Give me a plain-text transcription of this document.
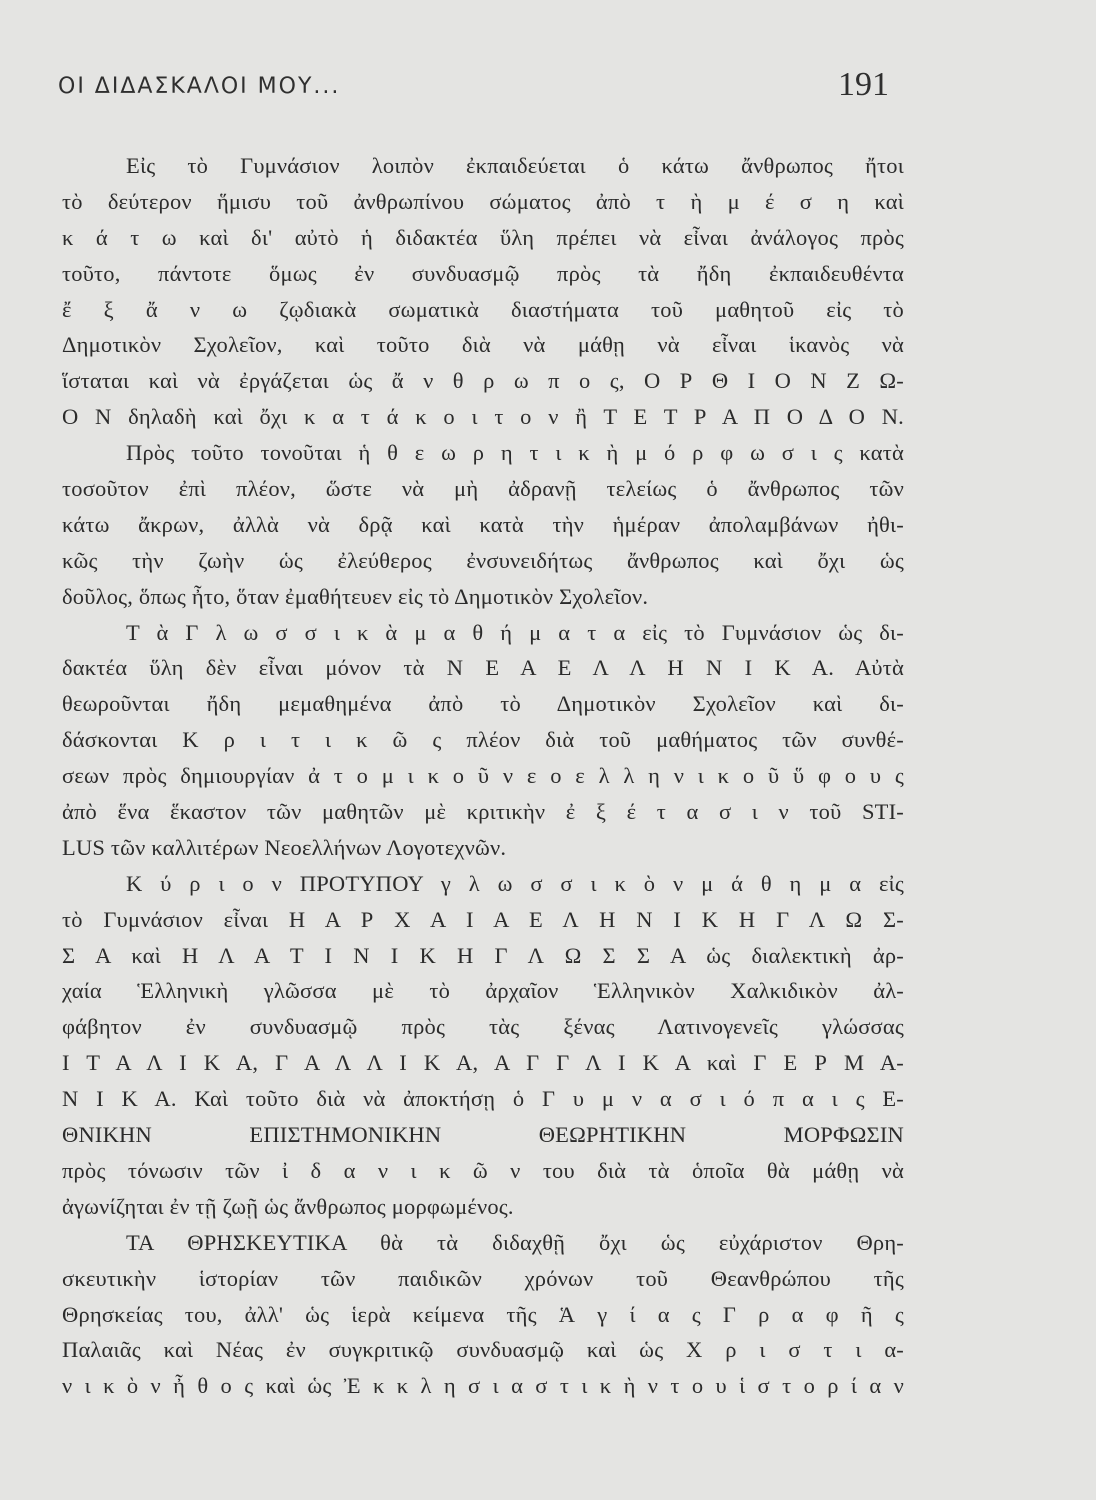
ΟΙ ΔΙΔΑΣΚΑΛΟΙ ΜΟΥ...	191
Εἰς τὸ Γυμνάσιον λοιπὸν ἐκπαιδεύεται ὁ κάτω ἄνθρωπος ἤτοι
τὸ δεύτερον ἥμισυ τοῦ ἀνθρωπίνου σώματος ἀπὸ τ ὴ μ έ σ η καὶ
κ ά τ ω καὶ δι' αὐτὸ ἡ διδακτέα ὕλη πρέπει νὰ εἶναι ἀνάλογος πρὸς
τοῦτο, πάντοτε ὅμως ἐν συνδυασμῷ πρὸς τὰ ἤδη ἐκπαιδευθέντα
ἔ ξ ἄ ν ω ζῳδιακὰ σωματικὰ διαστήματα τοῦ μαθητοῦ εἰς τὸ
Δημοτικὸν Σχολεῖον, καὶ τοῦτο διὰ νὰ μάθῃ νὰ εἶναι ἱκανὸς νὰ
ἵσταται καὶ νὰ ἐργάζεται ὡς ἄ ν θ ρ ω π ο ς, Ο Ρ Θ Ι Ο Ν Ζ Ω-
Ο Ν δηλαδὴ καὶ ὄχι κ α τ ά κ ο ι τ ο ν ἢ Τ Ε Τ Ρ Α Π Ο Δ Ο Ν.
Πρὸς τοῦτο τονοῦται ἡ θ ε ω ρ η τ ι κ ὴ μ ό ρ φ ω σ ι ς κατὰ
τοσοῦτον ἐπὶ πλέον, ὥστε νὰ μὴ ἀδρανῇ τελείως ὁ ἄνθρωπος τῶν
κάτω ἄκρων, ἀλλὰ νὰ δρᾷ καὶ κατὰ τὴν ἡμέραν ἀπολαμβάνων ἠθι-
κῶς τὴν ζωὴν ὡς ἐλεύθερος ἐνσυνειδήτως ἄνθρωπος καὶ ὄχι ὡς
δοῦλος, ὅπως ἦτο, ὅταν ἐμαθήτευεν εἰς τὸ Δημοτικὸν Σχολεῖον.
Τ ὰ Γ λ ω σ σ ι κ ὰ μ α θ ή μ α τ α εἰς τὸ Γυμνάσιον ὡς δι-
δακτέα ὕλη δὲν εἶναι μόνον τὰ Ν Ε Α Ε Λ Λ Η Ν Ι Κ Α. Αὐτὰ
θεωροῦνται ἤδη μεμαθημένα ἀπὸ τὸ Δημοτικὸν Σχολεῖον καὶ δι-
δάσκονται Κ ρ ι τ ι κ ῶ ς πλέον διὰ τοῦ μαθήματος τῶν συνθέ-
σεων πρὸς δημιουργίαν ἀ τ ο μ ι κ ο ῦ ν ε ο ε λ λ η ν ι κ ο ῦ ὕ φ ο υ ς
ἀπὸ ἕνα ἕκαστον τῶν μαθητῶν μὲ κριτικὴν ἐ ξ έ τ α σ ι ν τοῦ STI-
LUS τῶν καλλιτέρων Νεοελλήνων Λογοτεχνῶν.
Κ ύ ρ ι ο ν ΠΡΟΤΥΠΟΥ γ λ ω σ σ ι κ ὸ ν μ ά θ η μ α εἰς
τὸ Γυμνάσιον εἶναι Η Α Ρ Χ Α Ι Α Ε Λ Η Ν Ι Κ Η Γ Λ Ω Σ-
Σ Α καὶ Η Λ Α Τ Ι Ν Ι Κ Η Γ Λ Ω Σ Σ Α ὡς διαλεκτικὴ ἀρ-
χαία Ἑλληνικὴ γλῶσσα μὲ τὸ ἀρχαῖον Ἑλληνικὸν Χαλκιδικὸν ἀλ-
φάβητον ἐν συνδυασμῷ πρὸς τὰς ξένας Λατινογενεῖς γλώσσας
Ι Τ Α Λ Ι Κ Α, Γ Α Λ Λ Ι Κ Α, Α Γ Γ Λ Ι Κ Α καὶ Γ Ε Ρ Μ Α-
Ν Ι Κ Α. Καὶ τοῦτο διὰ νὰ ἀποκτήσῃ ὁ Γ υ μ ν α σ ι ό π α ι ς Ε-
ΘΝΙΚΗΝ ΕΠΙΣΤΗΜΟΝΙΚΗΝ ΘΕΩΡΗΤΙΚΗΝ ΜΟΡΦΩΣΙΝ
πρὸς τόνωσιν τῶν ἰ δ α ν ι κ ῶ ν του διὰ τὰ ὁποῖα θὰ μάθῃ νὰ
ἀγωνίζηται ἐν τῇ ζωῇ ὡς ἄνθρωπος μορφωμένος.
ΤΑ ΘΡΗΣΚΕΥΤΙΚΑ θὰ τὰ διδαχθῇ ὄχι ὡς εὐχάριστον Θρη-
σκευτικὴν ἱστορίαν τῶν παιδικῶν χρόνων τοῦ Θεανθρώπου τῆς
Θρησκείας του, ἀλλ' ὡς ἱερὰ κείμενα τῆς Ἁ γ ί α ς Γ ρ α φ ῆ ς
Παλαιᾶς καὶ Νέας ἐν συγκριτικῷ συνδυασμῷ καὶ ὡς Χ ρ ι σ τ ι α-
ν ι κ ὸ ν ἦ θ ο ς καὶ ὡς Ἐ κ κ λ η σ ι α σ τ ι κ ὴ ν τ ο υ ἱ σ τ ο ρ ί α ν
